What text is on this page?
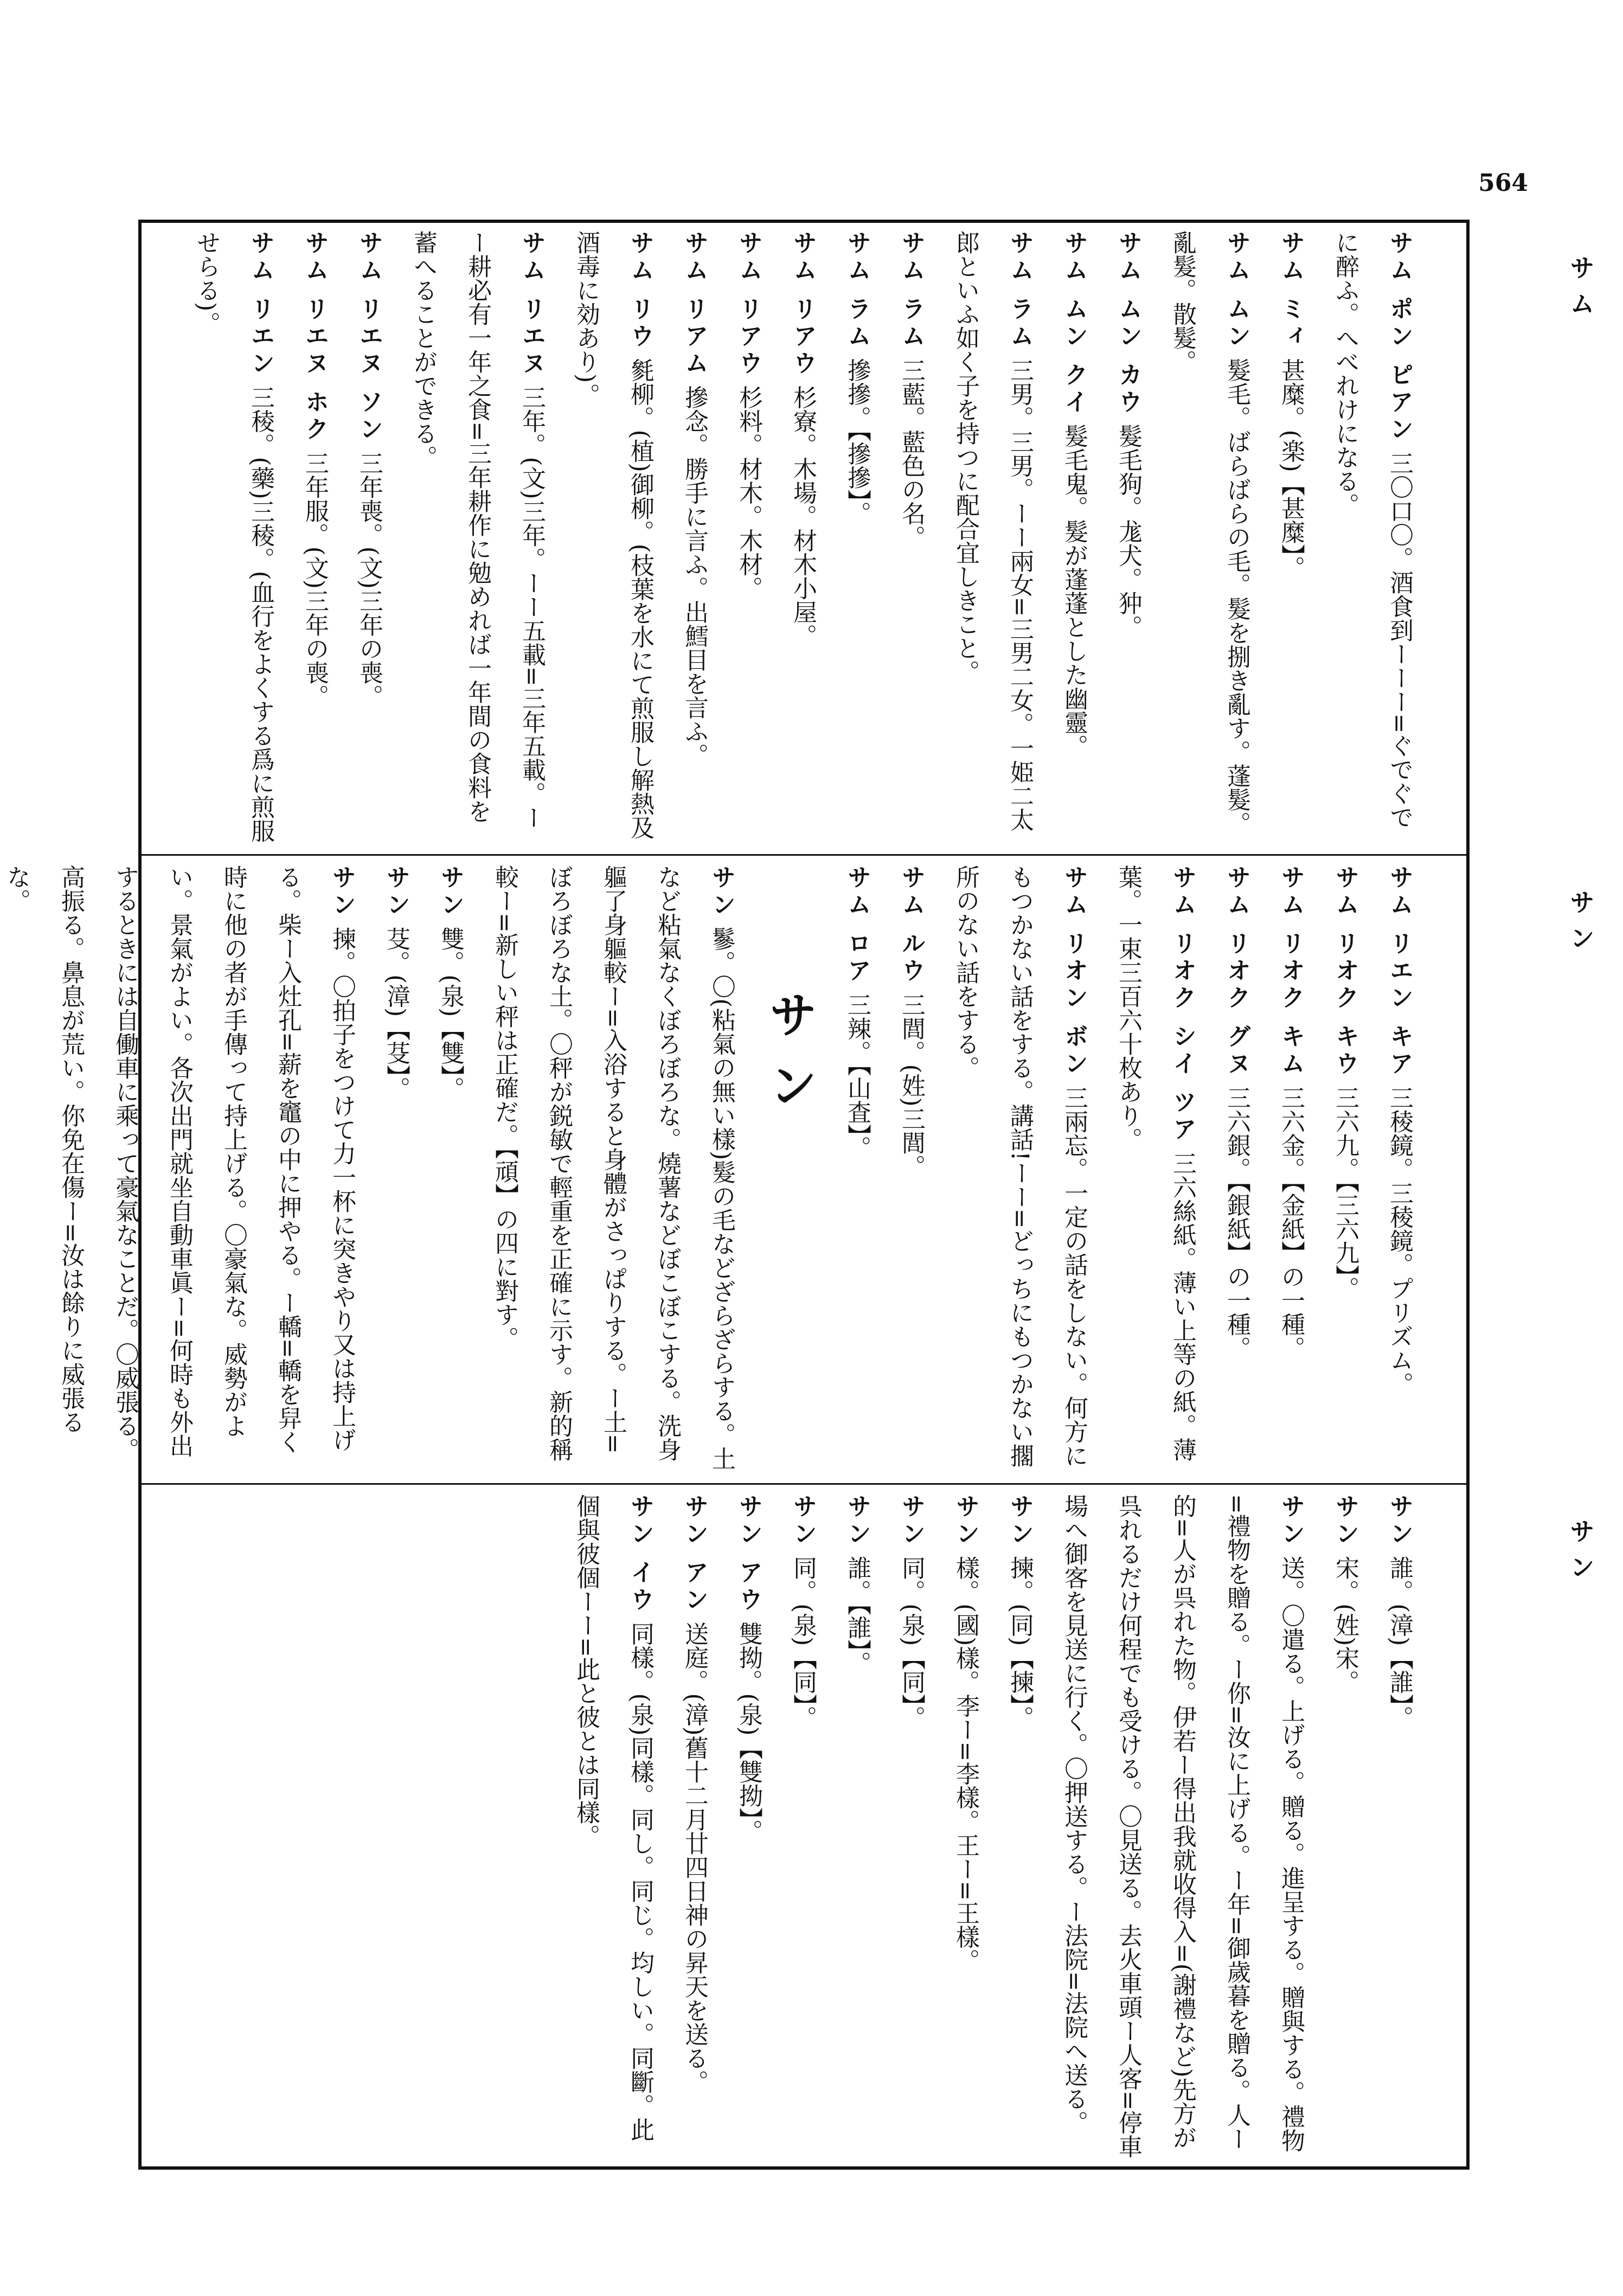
564
サム
サン
サン
サム ポン ピアン 三〇口〇。酒食到ーーー=ぐでぐでに醉ふ。へべれけになる。
サム ミィ 甚糜。(楽)【甚糜】。
サム ムン 髮毛。ばらばらの毛。髮を捌き亂す。蓬髮。亂髮。散髮。
サム ムン カウ 髮毛狗。尨犬。狆。
サム ムン クイ 髮毛鬼。髮が蓬蓬とした幽靈。
サム ラム 三男。三男。ーー兩女=三男二女。一姫二太郎といふ如く子を持つに配合宜しきこと。
サム ラム 三藍。藍色の名。
サム ラム 摻摻。【摻摻】。
サム リアウ 杉寮。木場。材木小屋。
サム リアウ 杉料。材木。木材。
サム リアム 摻念。勝手に言ふ。出鱈目を言ふ。
サム リウ 毿柳。(植)御柳。(枝葉を水にて煎服し解熱及酒毒に効あり)。
サム リエヌ 三年。(文)三年。ーー五載=三年五載。ーー耕必有一年之食=三年耕作に勉めれば一年間の食料を蓄へることができる。
サム リエヌ ソン 三年喪。(文)三年の喪。
サム リエヌ ホク 三年服。(文)三年の喪。
サム リエン 三稜。(藥)三稜。(血行をよくする爲に煎服せらる)。
サム リエン キア 三稜鏡。三稜鏡。プリズム。
サム リオク キウ 三六九。【三六九】。
サム リオク キム 三六金。【金紙】の一種。
サム リオク グヌ 三六銀。【銀紙】の一種。
サム リオク シイ ツア 三六絲紙。薄い上等の紙。薄葉。一束三百六十枚あり。
サム リオン ボン 三兩忘。一定の話をしない。何方にもつかない話をする。講話!ーー=どっちにもつかない擱所のない話をする。
サム ルウ 三閭。(姓)三閭。
サム ロア 三辣。【山査】。
サン
サン 鬖。〇(粘氣の無い樣)髮の毛などざらざらする。土など粘氣なくぼろぼろな。燒薯などぼこぼこする。洗身軀了身軀較ー=入浴すると身體がさっぱりする。ー土=ぼろぼろな土。〇秤が鋭敏で輕重を正確に示す。新的稱較ー=新しい秤は正確だ。【頑】の四に對す。
サン 雙。(泉)【雙】。
サン 芟。(漳)【芟】。
サン 揀。〇拍子をつけて力一杯に突きやり又は持上げる。柴ー入灶孔=薪を竈の中に押やる。ー轎=轎を舁く時に他の者が手傳って持上げる。〇豪氣な。威勢がよい。景氣がよい。各次出門就坐自動車眞ー=何時も外出するときには自働車に乘って豪氣なことだ。〇威張る。高振る。鼻息が荒い。你免在傷ー=汝は餘りに威張るな。
サン 誰。(漳)【誰】。
サン 宋。(姓)宋。
サン 送。〇遣る。上げる。贈る。進呈する。贈與する。禮物=禮物を贈る。ー你=汝に上げる。ー年=御歲暮を贈る。人ー的=人が呉れた物。伊若ー得出我就收得入=(謝禮など)先方が呉れるだけ何程でも受ける。〇見送る。去火車頭ー人客=停車場へ御客を見送に行く。〇押送する。ー法院=法院へ送る。
サン 揀。(同)【揀】。
サン 樣。(國)樣。李ー=李樣。王ー=王樣。
サン 同。(泉)【同】。
サン 誰。【誰】。
サン 同。(泉)【同】。
サン アウ 雙拗。(泉)【雙拗】。
サン アン 送庭。(漳)舊十二月廿四日神の昇天を送る。
サン イウ 同樣。(泉)同樣。同し。同じ。均しい。同斷。此個與彼個ーー=此と彼とは同樣。
